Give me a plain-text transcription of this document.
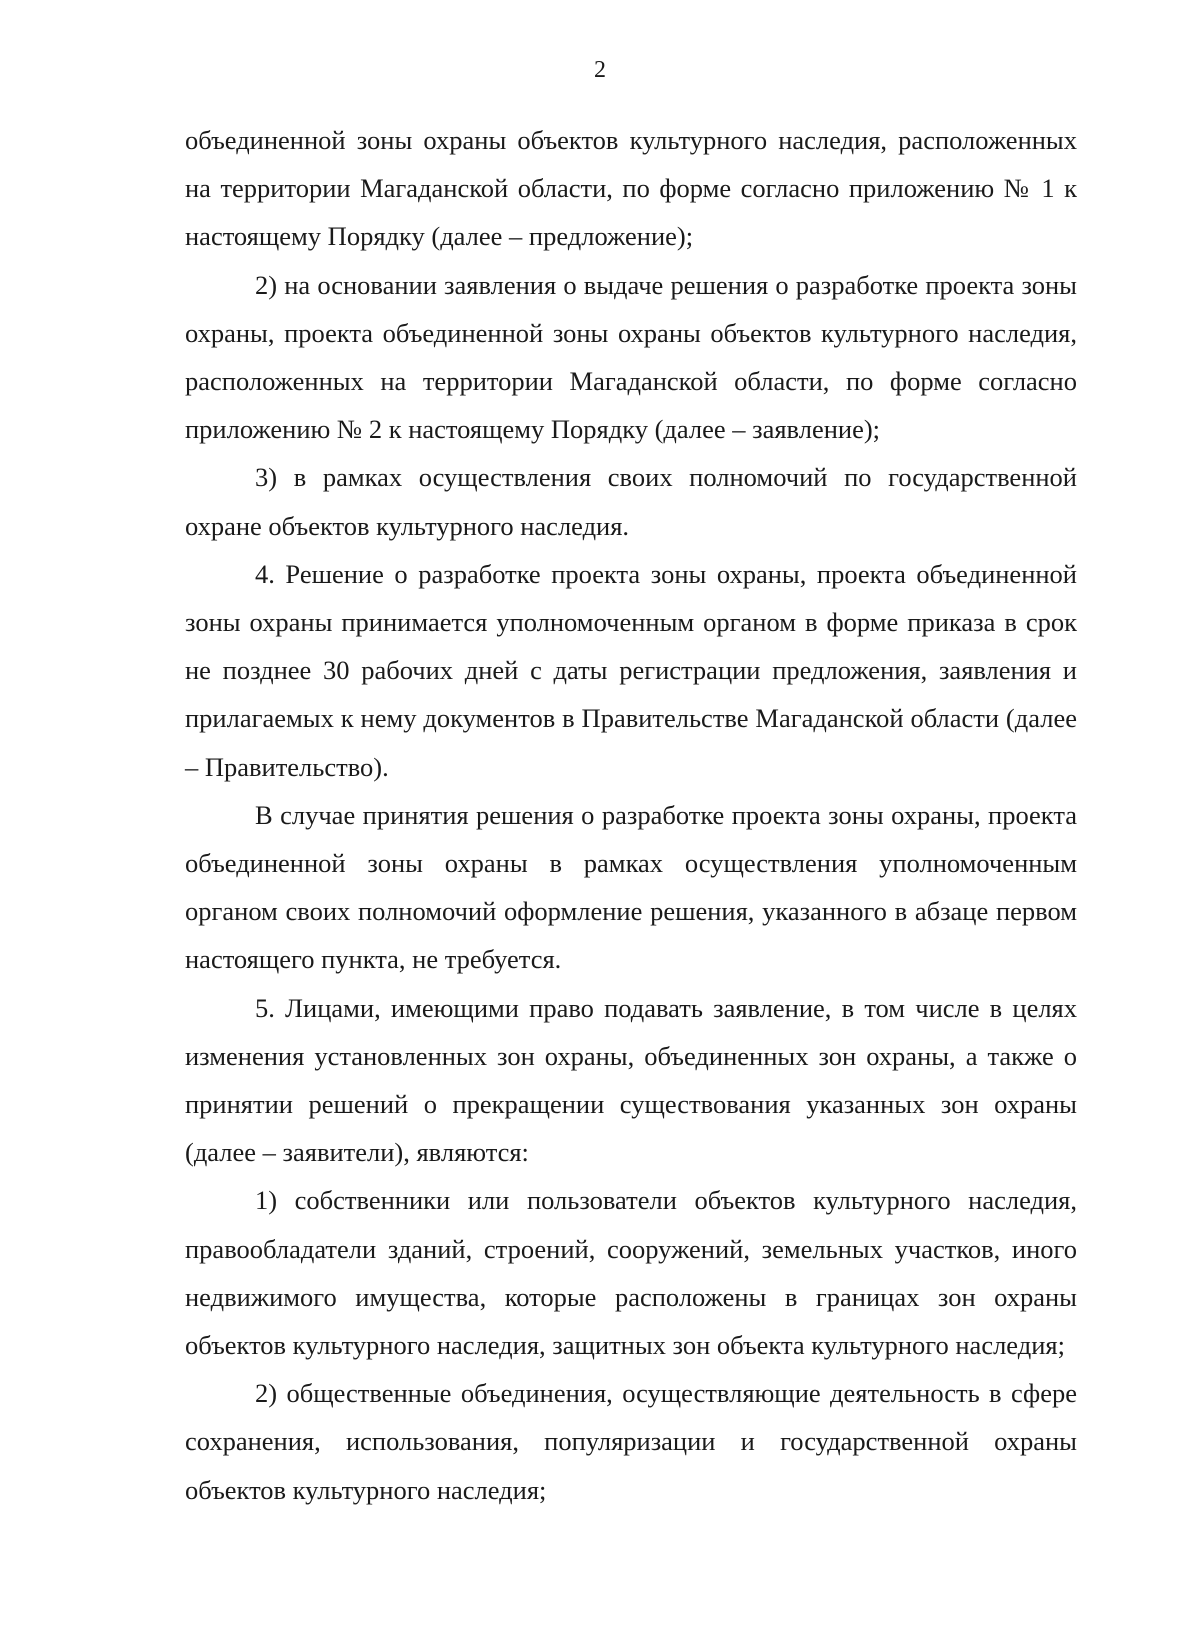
2

объединенной зоны охраны объектов культурного наследия, расположенных на территории Магаданской области, по форме согласно приложению № 1 к настоящему Порядку (далее – предложение);

2) на основании заявления о выдаче решения о разработке проекта зоны охраны, проекта объединенной зоны охраны объектов культурного наследия, расположенных на территории Магаданской области, по форме согласно приложению № 2 к настоящему Порядку (далее – заявление);

3) в рамках осуществления своих полномочий по государственной охране объектов культурного наследия.

4. Решение о разработке проекта зоны охраны, проекта объединенной зоны охраны принимается уполномоченным органом в форме приказа в срок не позднее 30 рабочих дней с даты регистрации предложения, заявления и прилагаемых к нему документов в Правительстве Магаданской области (далее – Правительство).

В случае принятия решения о разработке проекта зоны охраны, проекта объединенной зоны охраны в рамках осуществления уполномоченным органом своих полномочий оформление решения, указанного в абзаце первом настоящего пункта, не требуется.

5. Лицами, имеющими право подавать заявление, в том числе в целях изменения установленных зон охраны, объединенных зон охраны, а также о принятии решений о прекращении существования указанных зон охраны (далее – заявители), являются:

1) собственники или пользователи объектов культурного наследия, правообладатели зданий, строений, сооружений, земельных участков, иного недвижимого имущества, которые расположены в границах зон охраны объектов культурного наследия, защитных зон объекта культурного наследия;

2) общественные объединения, осуществляющие деятельность в сфере сохранения, использования, популяризации и государственной охраны объектов культурного наследия;
